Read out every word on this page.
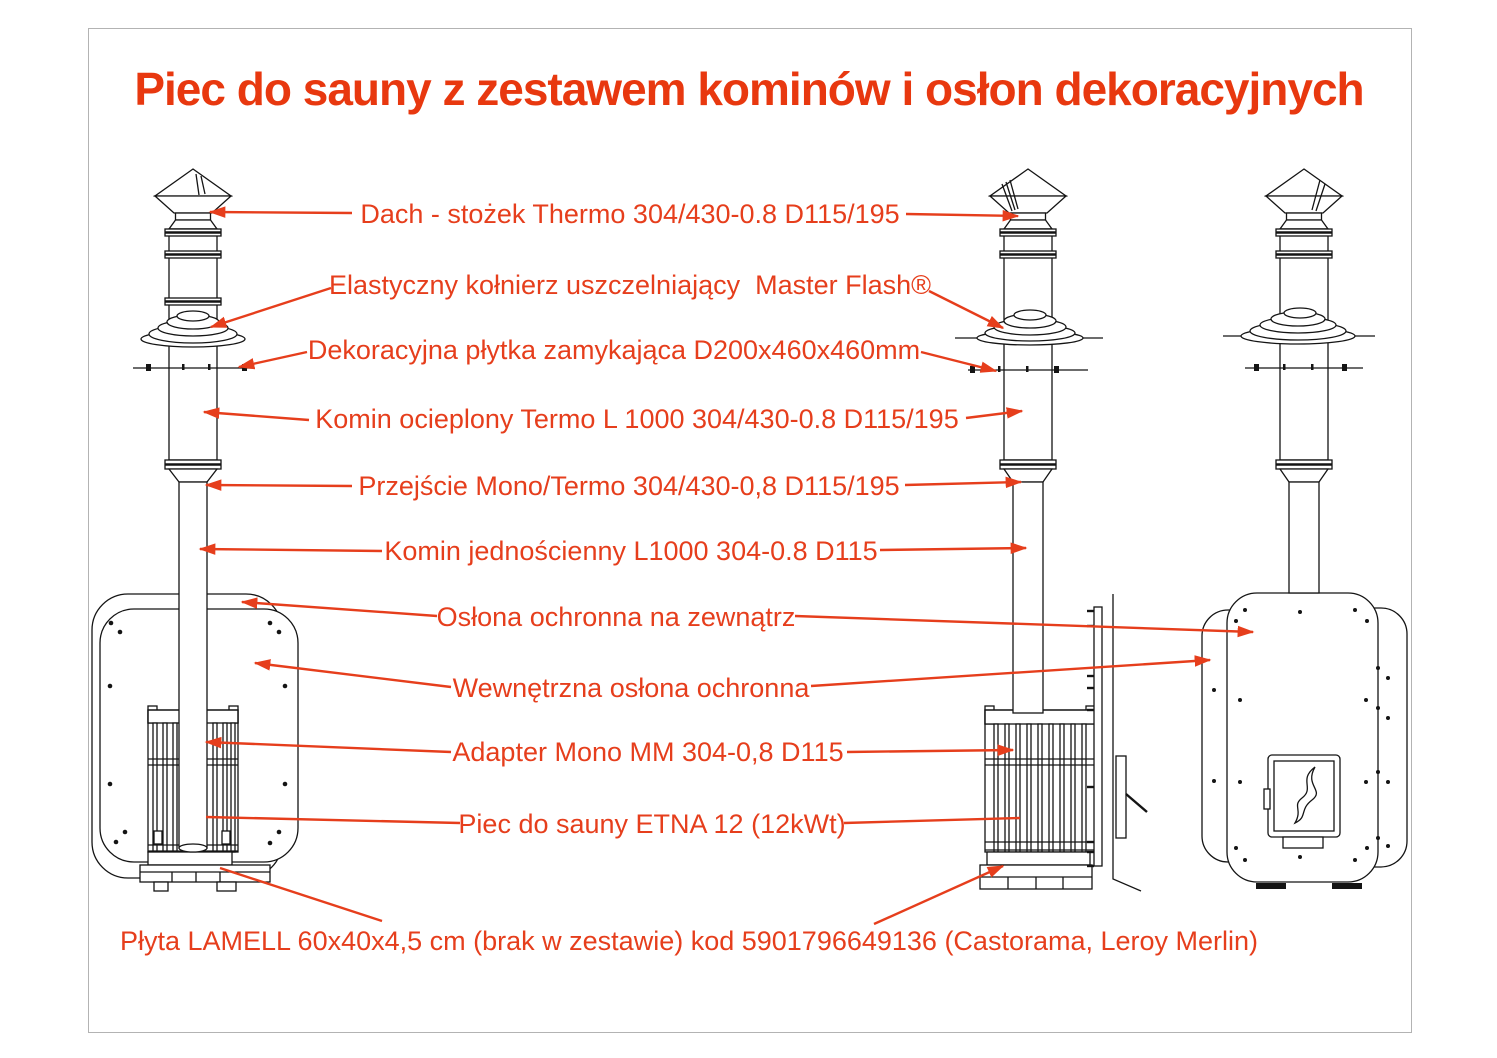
Piec do sauny z zestawem kominów i osłon dekoracyjnych
Dach - stożek Thermo 304/430-0.8 D115/195
Elastyczny kołnierz uszczelniający  Master Flash®
Dekoracyjna płytka zamykająca D200x460x460mm
Komin ocieplony Termo L 1000 304/430-0.8 D115/195
Przejście Mono/Termo 304/430-0,8 D115/195
Komin jednościenny L1000 304-0.8 D115
Osłona ochronna na zewnątrz
Wewnętrzna osłona ochronna
Adapter Mono MM 304-0,8 D115
Piec do sauny ETNA 12 (12kWt)
Płyta LAMELL 60x40x4,5 cm (brak w zestawie) kod 5901796649136 (Castorama, Leroy Merlin)
